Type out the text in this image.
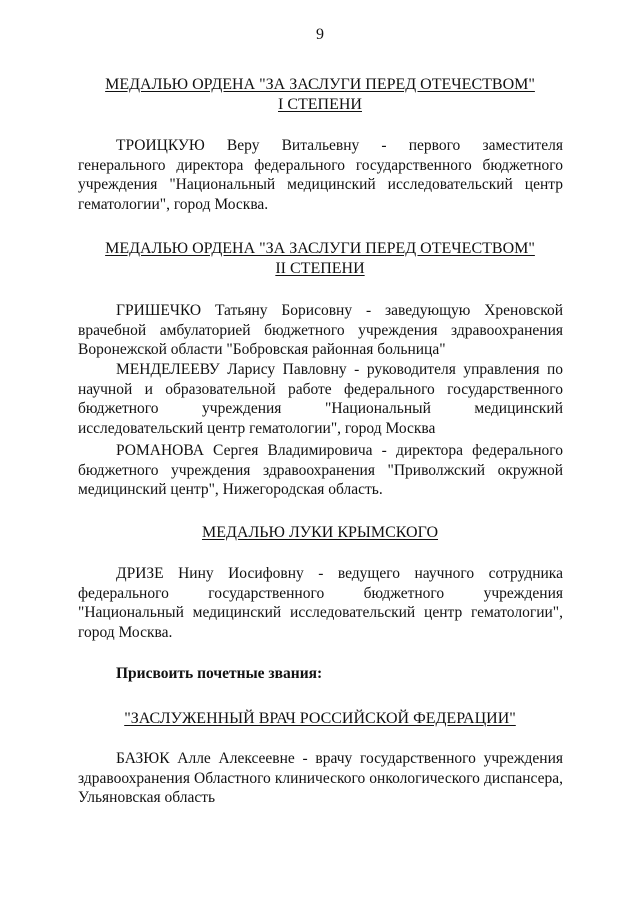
9
МЕДАЛЬЮ ОРДЕНА "ЗА ЗАСЛУГИ ПЕРЕД ОТЕЧЕСТВОМ"
I СТЕПЕНИ

ТРОИЦКУЮ Веру Витальевну - первого заместителя генерального директора федерального государственного бюджетного учреждения "Национальный медицинский исследовательский центр гематологии", город Москва.

МЕДАЛЬЮ ОРДЕНА "ЗА ЗАСЛУГИ ПЕРЕД ОТЕЧЕСТВОМ"
II СТЕПЕНИ

ГРИШЕЧКО Татьяну Борисовну - заведующую Хреновской врачебной амбулаторией бюджетного учреждения здравоохранения Воронежской области "Бобровская районная больница"

МЕНДЕЛЕЕВУ Ларису Павловну - руководителя управления по научной и образовательной работе федерального государственного бюджетного учреждения "Национальный медицинский исследовательский центр гематологии", город Москва

РОМАНОВА Сергея Владимировича - директора федерального бюджетного учреждения здравоохранения "Приволжский окружной медицинский центр", Нижегородская область.

МЕДАЛЬЮ ЛУКИ КРЫМСКОГО

ДРИЗЕ Нину Иосифовну - ведущего научного сотрудника федерального государственного бюджетного учреждения "Национальный медицинский исследовательский центр гематологии", город Москва.

Присвоить почетные звания:
"ЗАСЛУЖЕННЫЙ ВРАЧ РОССИЙСКОЙ ФЕДЕРАЦИИ"

БАЗЮК Алле Алексеевне - врачу государственного учреждения здравоохранения Областного клинического онкологического диспансера, Ульяновская область
